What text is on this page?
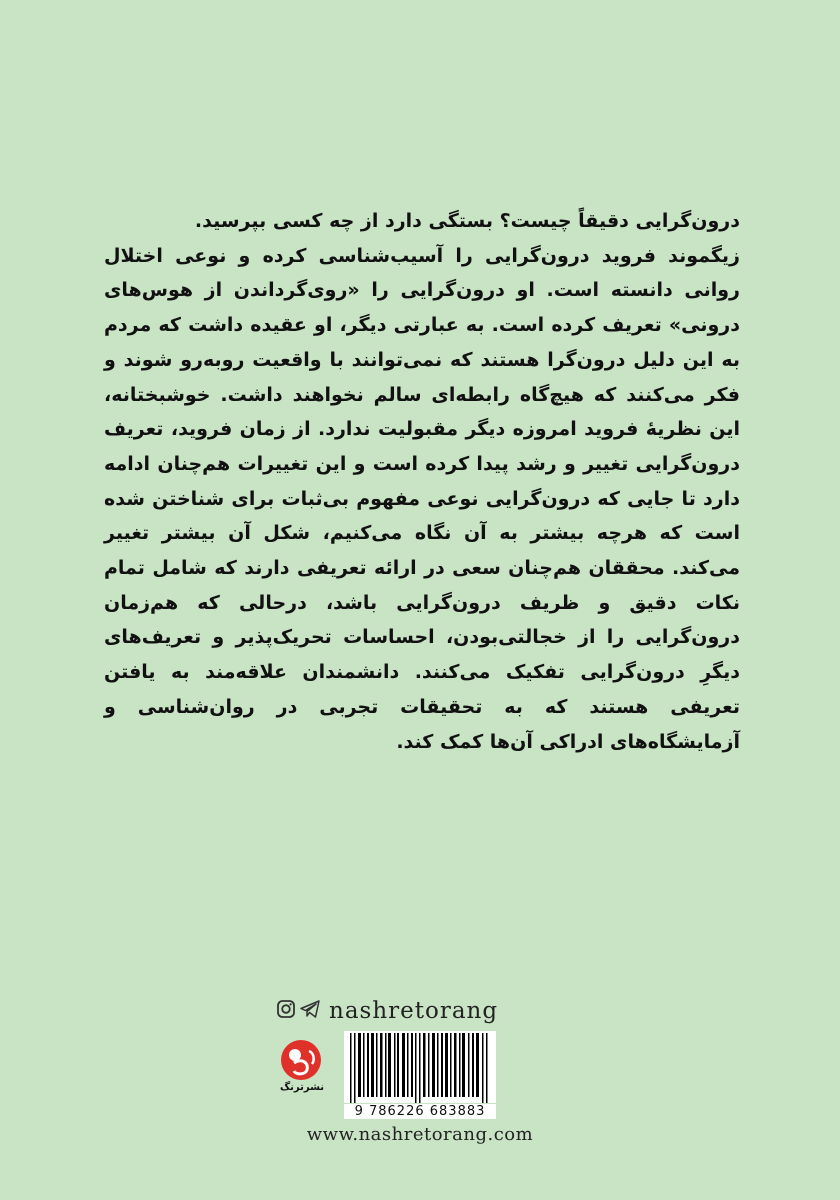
درون‌گرایی دقیقاً چیست؟ بستگی دارد از چه کسی بپرسید.

زیگموند فروید درون‌گرایی را آسیب‌شناسی کرده و نوعی اختلال روانی دانسته است. او درون‌گرایی را «روی‌گرداندن از هوس‌های درونی» تعریف کرده است. به عبارتی دیگر، او عقیده داشت که مردم به این دلیل درون‌گرا هستند که نمی‌توانند با واقعیت روبه‌رو شوند و فکر می‌کنند که هیچ‌گاه رابطه‌ای سالم نخواهند داشت. خوشبختانه، این نظریهٔ فروید امروزه دیگر مقبولیت ندارد. از زمان فروید، تعریف درون‌گرایی تغییر و رشد پیدا کرده است و این تغییرات هم‌چنان ادامه دارد تا جایی که درون‌گرایی نوعی مفهوم بی‌ثبات برای شناختن شده است که هرچه بیشتر به آن نگاه می‌کنیم، شکل آن بیشتر تغییر می‌کند. محققان هم‌چنان سعی در ارائه تعریفی دارند که شامل تمام نکات دقیق و ظریف درون‌گرایی باشد، درحالی که هم‌زمان درون‌گرایی را از خجالتی‌بودن، احساسات تحریک‌پذیر و تعریف‌های دیگرِ درون‌گرایی تفکیک می‌کنند. دانشمندان علاقه‌مند به یافتن تعریفی هستند که به تحقیقات تجربی در روان‌شناسی و آزمایشگاه‌های ادراکی آن‌ها کمک کند.

nashretorang
نشرترنگ
9 786226 683883
www.nashretorang.com
